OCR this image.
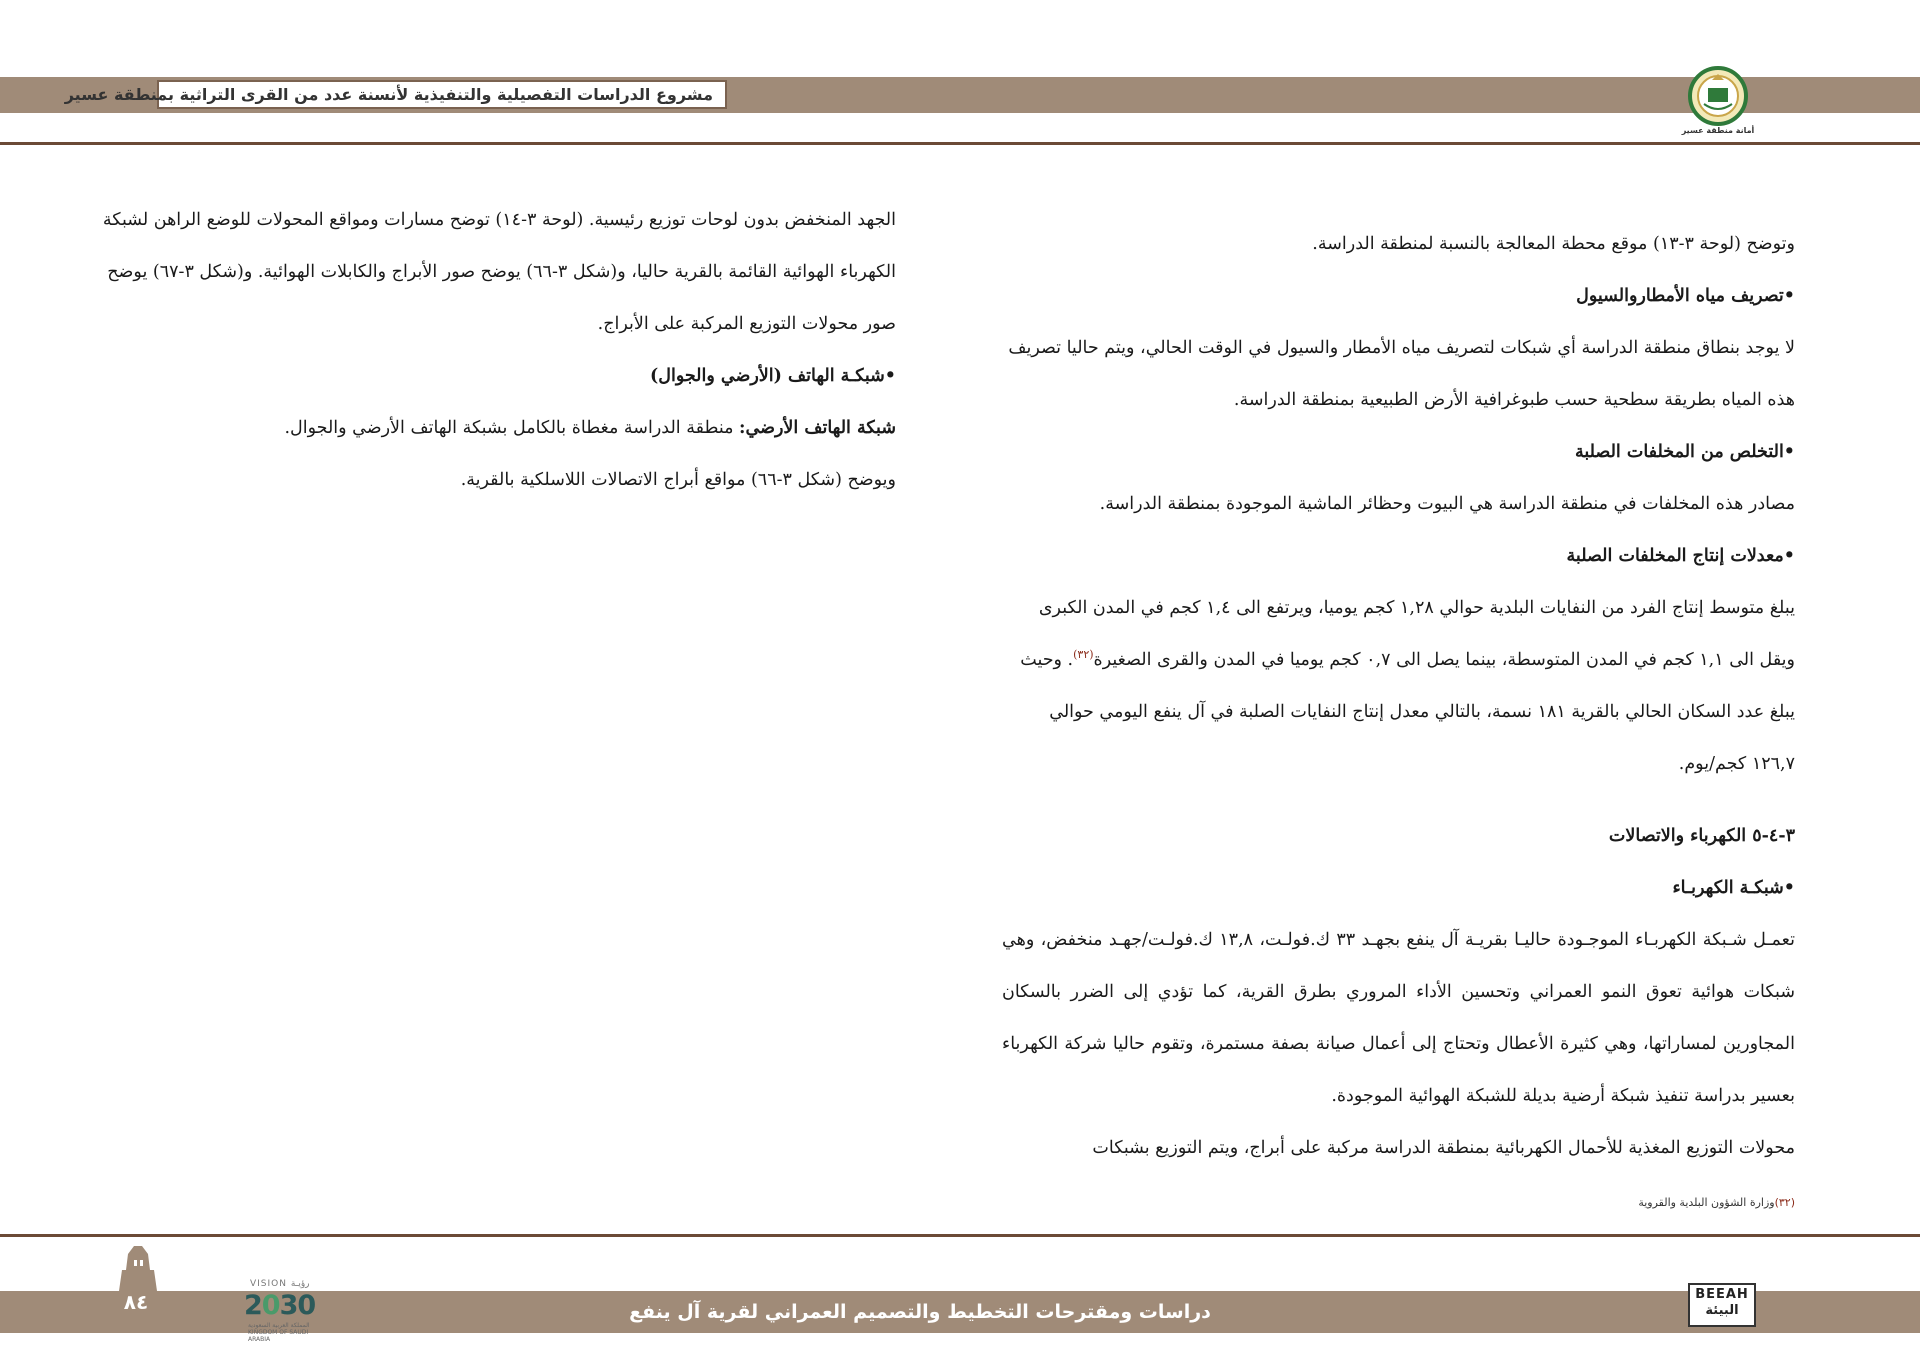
مشروع الدراسات التفصيلية والتنفيذية لأنسنة عدد من القرى التراثية بمنطقة عسير
أمانة منطقة عسير

وتوضح (لوحة ٣-١٣) موقع محطة المعالجة بالنسبة لمنطقة الدراسة.

•تصريف مياه الأمطاروالسيول

لا يوجد بنطاق منطقة الدراسة أي شبكات لتصريف مياه الأمطار والسيول في الوقت الحالي، ويتم حاليا تصريف هذه المياه بطريقة سطحية حسب طبوغرافية الأرض الطبيعية بمنطقة الدراسة.

•التخلص من المخلفات الصلبة

مصادر هذه المخلفات في منطقة الدراسة هي البيوت وحظائر الماشية الموجودة بمنطقة الدراسة.

•معدلات إنتاج المخلفات الصلبة

يبلغ متوسط إنتاج الفرد من النفايات البلدية حوالي ١,٢٨ كجم يوميا، ويرتفع الى ١,٤ كجم في المدن الكبرى ويقل الى ١,١ كجم في المدن المتوسطة، بينما يصل الى ٠,٧ كجم يوميا في المدن والقرى الصغيرة$^{(٣٢)}$. وحيث يبلغ عدد السكان الحالي بالقرية ١٨١ نسمة، بالتالي معدل إنتاج النفايات الصلبة في آل ينفع اليومي حوالي ١٢٦,٧ كجم/يوم.

٣-٤-٥ الكهرباء والاتصالات

•شبكـة الكهربـاء

تعمـل شـبكة الكهربـاء الموجـودة حاليـا بقريـة آل ينفع بجهـد ٣٣ ك.فولـت، ١٣,٨ ك.فولـت/جهـد منخفض، وهي شبكات هوائية تعوق النمو العمراني وتحسين الأداء المروري بطرق القرية، كما تؤدي إلى الضرر بالسكان المجاورين لمساراتها، وهي كثيرة الأعطال وتحتاج إلى أعمال صيانة بصفة مستمرة، وتقوم حاليا شركة الكهرباء بعسير بدراسة تنفيذ شبكة أرضية بديلة للشبكة الهوائية الموجودة.

محولات التوزيع المغذية للأحمال الكهربائية بمنطقة الدراسة مركبة على أبراج، ويتم التوزيع بشبكات

(٣٢)وزارة الشؤون البلدية والقروية

الجهد المنخفض بدون لوحات توزيع رئيسية. (لوحة ٣-١٤) توضح مسارات ومواقع المحولات للوضع الراهن لشبكة الكهرباء الهوائية القائمة بالقرية حاليا، و(شكل ٣-٦٦) يوضح صور الأبراج والكابلات الهوائية. و(شكل ٣-٦٧) يوضح صور محولات التوزيع المركبة على الأبراج.

•شبكـة الهاتف (الأرضي والجوال)

شبكة الهاتف الأرضي: منطقة الدراسة مغطاة بالكامل بشبكة الهاتف الأرضي والجوال.

ويوضح (شكل ٣-٦٦) مواقع أبراج الاتصالات اللاسلكية بالقرية.

٨٤
VISION رؤيـة
2030
المملكة العربية السعودية KINGDOM OF SAUDI ARABIA
دراسات ومقترحات التخطيط والتصميم العمراني لقرية آل ينفع
BEEAH
البيئة
